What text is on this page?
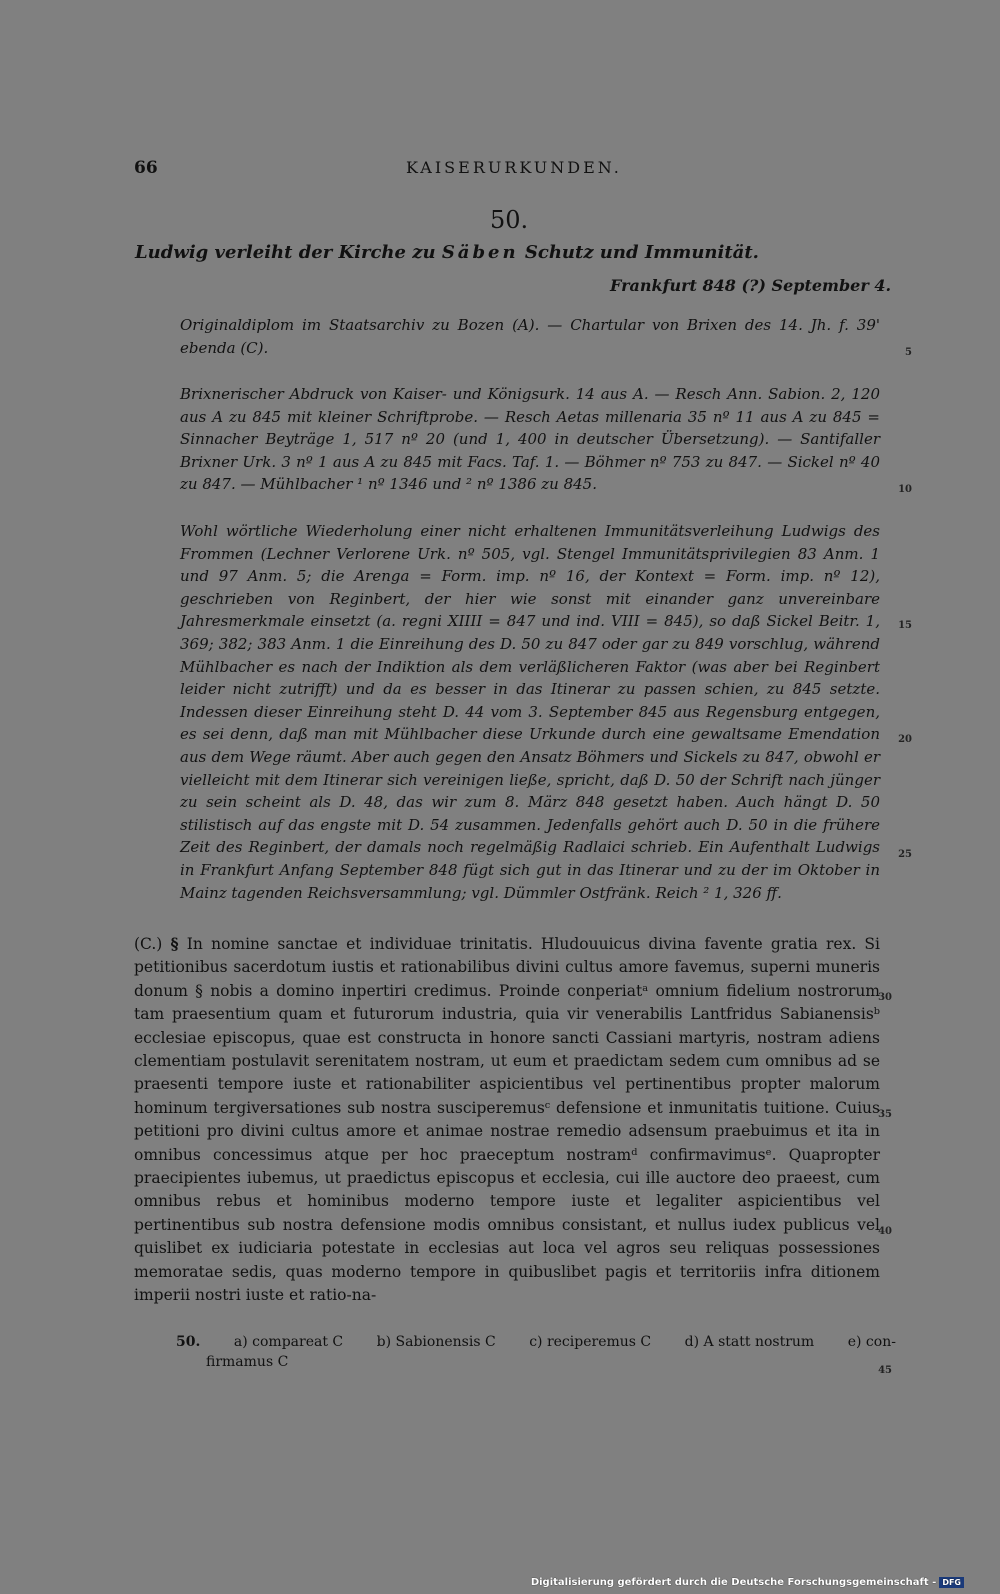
66	KAISERURKUNDEN.
50.
Ludwig verleiht der Kirche zu Säben Schutz und Immunität.
Frankfurt 848 (?) September 4.

Originaldiplom im Staatsarchiv zu Bozen (A). — Chartular von Brixen des 14. Jh. f. 39' ebenda (C).

Brixnerischer Abdruck von Kaiser- und Königsurk. 14 aus A. — Resch Ann. Sabion. 2, 120 aus A zu 845 mit kleiner Schriftprobe. — Resch Aetas millenaria 35 nº 11 aus A zu 845 = Sinnacher Beyträge 1, 517 nº 20 (und 1, 400 in deutscher Übersetzung). — Santifaller Brixner Urk. 3 nº 1 aus A zu 845 mit Facs. Taf. 1. — Böhmer nº 753 zu 847. — Sickel nº 40 zu 847. — Mühlbacher ¹ nº 1346 und ² nº 1386 zu 845.

Wohl wörtliche Wiederholung einer nicht erhaltenen Immunitätsverleihung Ludwigs des Frommen (Lechner Verlorene Urk. nº 505, vgl. Stengel Immunitätsprivilegien 83 Anm. 1 und 97 Anm. 5; die Arenga = Form. imp. nº 16, der Kontext = Form. imp. nº 12), geschrieben von Reginbert, der hier wie sonst mit einander ganz unvereinbare Jahresmerkmale einsetzt (a. regni XIIII = 847 und ind. VIII = 845), so daß Sickel Beitr. 1, 369; 382; 383 Anm. 1 die Einreihung des D. 50 zu 847 oder gar zu 849 vorschlug, während Mühlbacher es nach der Indiktion als dem verläßlicheren Faktor (was aber bei Reginbert leider nicht zutrifft) und da es besser in das Itinerar zu passen schien, zu 845 setzte. Indessen dieser Einreihung steht D. 44 vom 3. September 845 aus Regensburg entgegen, es sei denn, daß man mit Mühlbacher diese Urkunde durch eine gewaltsame Emendation aus dem Wege räumt. Aber auch gegen den Ansatz Böhmers und Sickels zu 847, obwohl er vielleicht mit dem Itinerar sich vereinigen ließe, spricht, daß D. 50 der Schrift nach jünger zu sein scheint als D. 48, das wir zum 8. März 848 gesetzt haben. Auch hängt D. 50 stilistisch auf das engste mit D. 54 zusammen. Jedenfalls gehört auch D. 50 in die frühere Zeit des Reginbert, der damals noch regelmäßig Radlaici schrieb. Ein Aufenthalt Ludwigs in Frankfurt Anfang September 848 fügt sich gut in das Itinerar und zu der im Oktober in Mainz tagenden Reichsversammlung; vgl. Dümmler Ostfränk. Reich ² 1, 326 ff.

(C.) § In nomine sanctae et individuae trinitatis. Hludouuicus divina favente gratia rex. Si petitionibus sacerdotum iustis et rationabilibus divini cultus amore favemus, superni muneris donum § nobis a domino inpertiri credimus. Proinde conperiatᵃ omnium fidelium nostrorum tam praesentium quam et futurorum industria, quia vir venerabilis Lantfridus Sabianensisᵇ ecclesiae episcopus, quae est constructa in honore sancti Cassiani martyris, nostram adiens clementiam postulavit serenitatem nostram, ut eum et praedictam sedem cum omnibus ad se praesenti tempore iuste et rationabiliter aspicientibus vel pertinentibus propter malorum hominum tergiversationes sub nostra susciperemusᶜ defensione et inmunitatis tuitione. Cuius petitioni pro divini cultus amore et animae nostrae remedio adsensum praebuimus et ita in omnibus concessimus atque per hoc praeceptum nostramᵈ confirmavimusᵉ. Quapropter praecipientes iubemus, ut praedictus episcopus et ecclesia, cui ille auctore deo praeest, cum omnibus rebus et hominibus moderno tempore iuste et legaliter aspicientibus vel pertinentibus sub nostra defensione modis omnibus consistant, et nullus iudex publicus vel quislibet ex iudiciaria potestate in ecclesias aut loca vel agros seu reliquas possessiones memoratae sedis, quas moderno tempore in quibuslibet pagis et territoriis infra ditionem imperii nostri iuste et ratio-na-

50. a) compareat C b) Sabionensis C c) reciperemus C d) A statt nostrum e) con-
firmamus C
5
10
15
20
25
30
35
40
45
Digitalisierung gefördert durch die Deutsche Forschungsgemeinschaft - DFG
